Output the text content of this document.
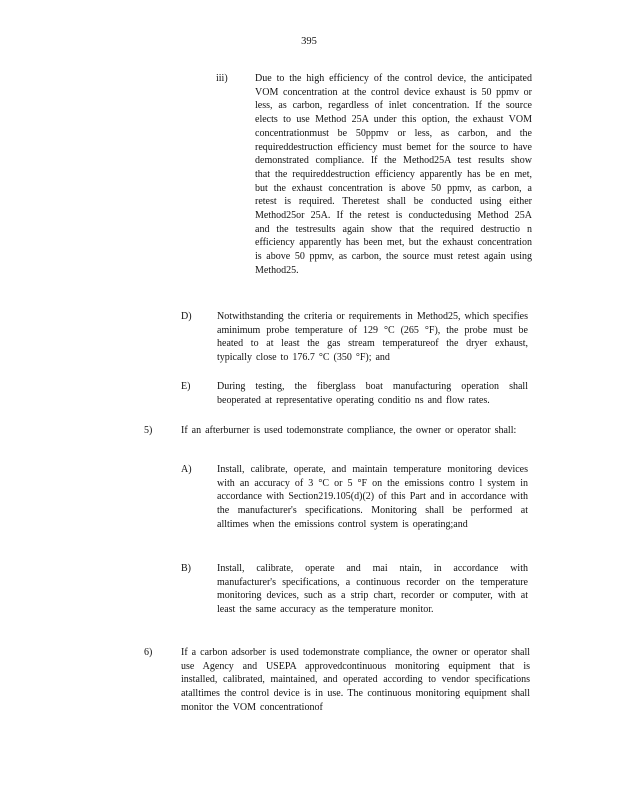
395
iii)	Due to the high efficiency of the control device, the anticipated VOM concentration at the control device exhaust is 50 ppmv or less, as carbon, regardless of inlet concentration. If the source elects to use Method 25A under this option, the exhaust VOM concentrationmust be 50ppmv or less, as carbon, and the requireddestruction efficiency must bemet for the source to have demonstrated compliance. If the Method25A test results show that the requireddestruction efficiency apparently has be en met, but the exhaust concentration is above 50 ppmv, as carbon, a retest is required. Theretest shall be conducted using either Method25or 25A. If the retest is conductedusing Method 25A and the testresults again show that the required destructio n efficiency apparently has been met, but the exhaust concentration is above 50 ppmv, as carbon, the source must retest again using Method25.
D)	Notwithstanding the criteria or requirements in Method25, which specifies aminimum probe temperature of 129 °C (265 °F), the probe must be heated to at least the gas stream temperatureof the dryer exhaust, typically close to 176.7 °C (350 °F); and
E)	During testing, the fiberglass boat manufacturing operation shall beoperated at representative operating conditio ns and flow rates.
5)	If an afterburner is used todemonstrate compliance, the owner or operator shall:
A)	Install, calibrate, operate, and maintain temperature monitoring devices with an accuracy of 3 °C or 5 °F on the emissions contro l system in accordance with Section219.105(d)(2) of this Part and in accordance with the manufacturer's specifications. Monitoring shall be performed at alltimes when the emissions control system is operating;and
B)	Install, calibrate, operate and mai ntain, in accordance with manufacturer's specifications, a continuous recorder on the temperature monitoring devices, such as a strip chart, recorder or computer, with at least the same accuracy as the temperature monitor.
6)	If a carbon adsorber is used todemonstrate compliance, the owner or operator shall use Agency and USEPA approvedcontinuous monitoring equipment that is installed, calibrated, maintained, and operated according to vendor specifications atalltimes the control device is in use. The continuous monitoring equipment shall monitor the VOM concentrationof
